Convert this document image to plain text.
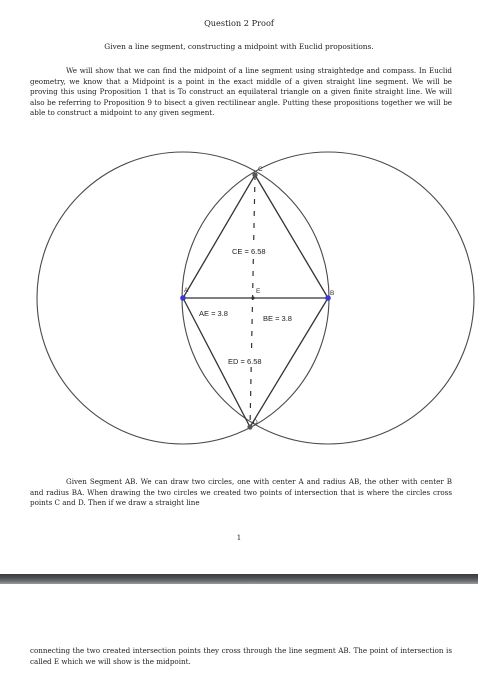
Question 2 Proof
Given a line segment, constructing a midpoint with Euclid propositions.
We will show that we can find the midpoint of a line segment using straightedge and compass. In Euclid geometry, we know that a Midpoint is a point in the exact middle of a given straight line segment. We will be proving this using Proposition 1 that is To construct an equilateral triangle on a given finite straight line. We will also be referring to Proposition 9 to bisect a given rectilinear angle. Putting these propositions together we will be able to construct a midpoint to any given segment.
CE = 6.58
AE = 3.8
BE = 3.8
ED = 6.58
C
A	B
E
D
Given Segment AB. We can draw two circles, one with center A and radius AB, the other with center B and radius BA. When drawing the two circles we created two points of intersection that is where the circles cross points C and D. Then if we draw a straight line
1
connecting the two created intersection points they cross through the line segment AB. The point of intersection is called E which we will show is the midpoint.
